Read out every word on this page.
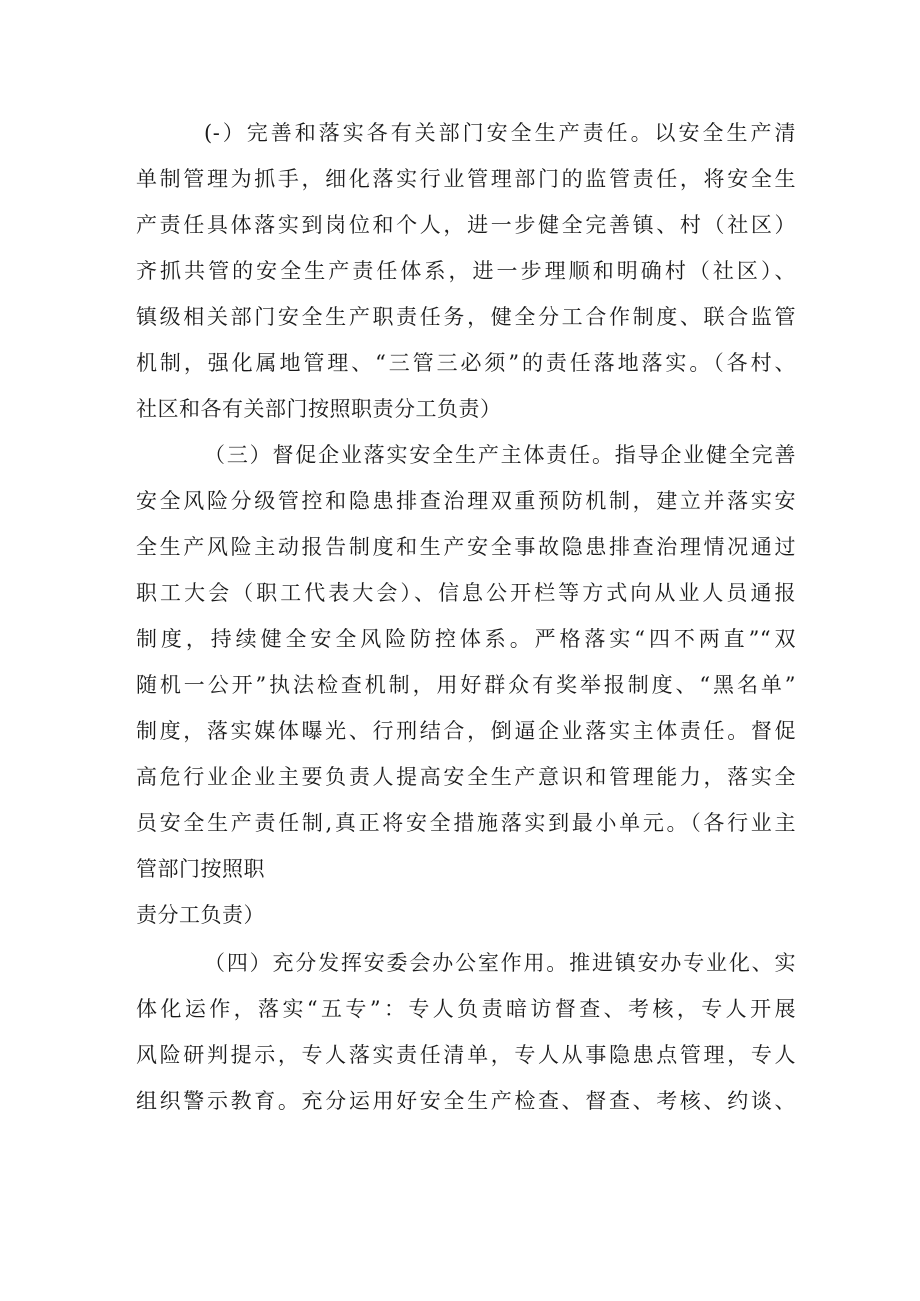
(-）完善和落实各有关部门安全生产责任。以安全生产清
单制管理为抓手，细化落实行业管理部门的监管责任，将安全生
产责任具体落实到岗位和个人，进一步健全完善镇、村（社区）
齐抓共管的安全生产责任体系，进一步理顺和明确村（社区）、
镇级相关部门安全生产职责任务，健全分工合作制度、联合监管
机制，强化属地管理、“三管三必须”的责任落地落实。（各村、
社区和各有关部门按照职责分工负责）
（三）督促企业落实安全生产主体责任。指导企业健全完善
安全风险分级管控和隐患排查治理双重预防机制，建立并落实安
全生产风险主动报告制度和生产安全事故隐患排查治理情况通过
职工大会（职工代表大会）、信息公开栏等方式向从业人员通报
制度，持续健全安全风险防控体系。严格落实“四不两直”“双
随机一公开”执法检查机制，用好群众有奖举报制度、“黑名单”
制度，落实媒体曝光、行刑结合，倒逼企业落实主体责任。督促
高危行业企业主要负责人提高安全生产意识和管理能力，落实全
员安全生产责任制,真正将安全措施落实到最小单元。（各行业主
管部门按照职
责分工负责）
（四）充分发挥安委会办公室作用。推进镇安办专业化、实
体化运作，落实“五专”：专人负责暗访督查、考核，专人开展
风险研判提示，专人落实责任清单，专人从事隐患点管理，专人
组织警示教育。充分运用好安全生产检查、督查、考核、约谈、
